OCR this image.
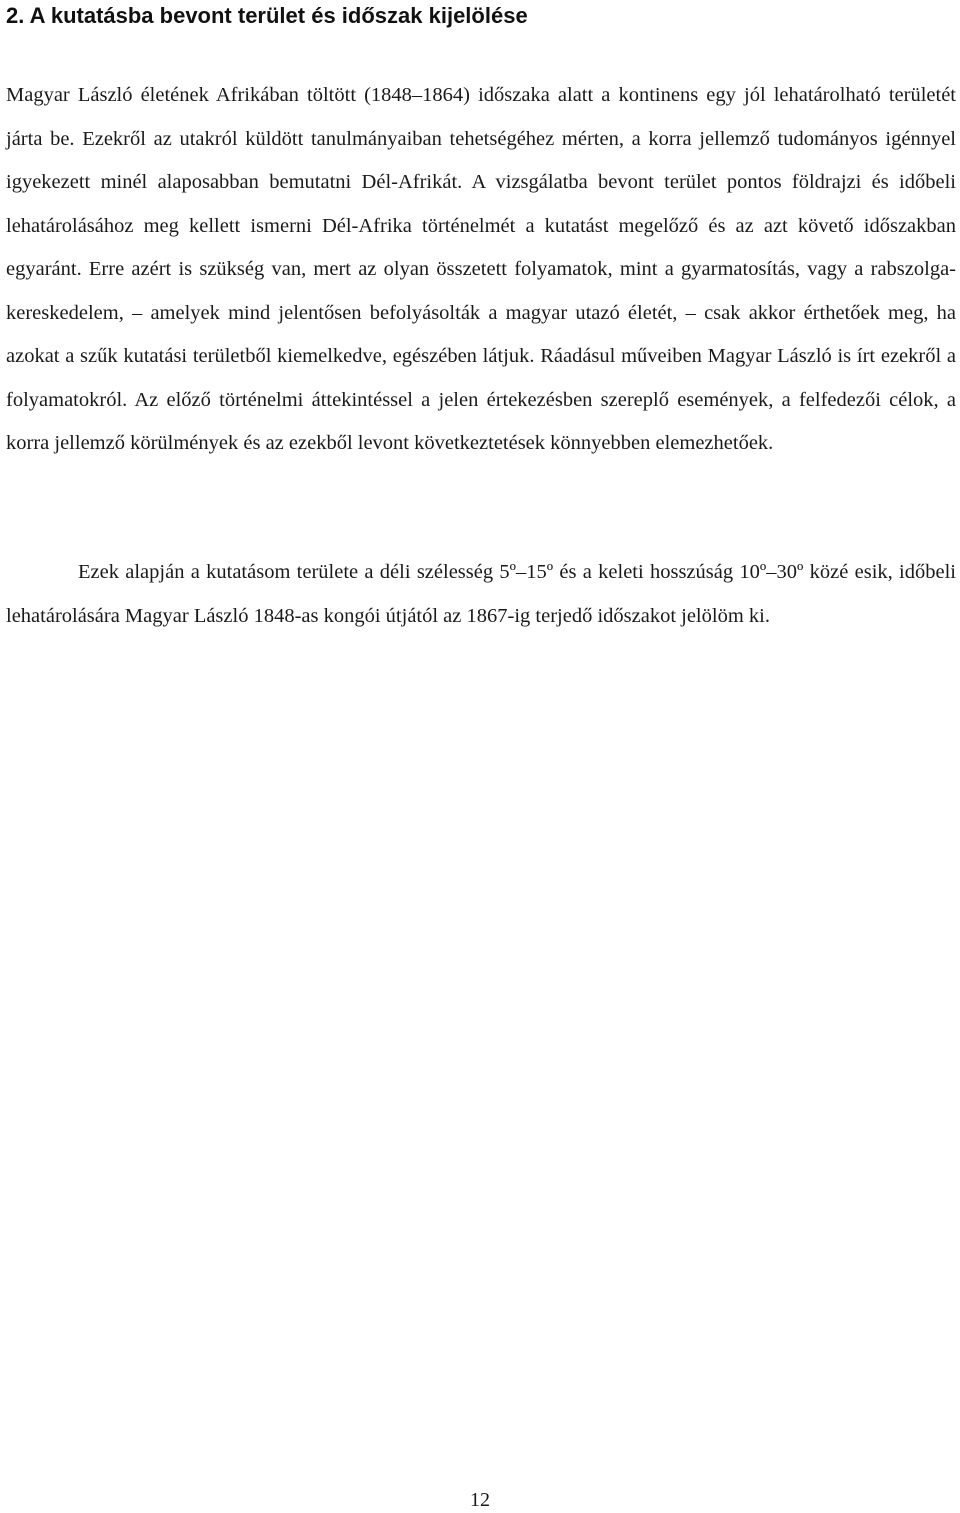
2. A kutatásba bevont terület és időszak kijelölése

Magyar László életének Afrikában töltött (1848–1864) időszaka alatt a kontinens egy jól lehatárolható területét járta be. Ezekről az utakról küldött tanulmányaiban tehetségéhez mérten, a korra jellemző tudományos igénnyel igyekezett minél alaposabban bemutatni Dél-Afrikát. A vizsgálatba bevont terület pontos földrajzi és időbeli lehatárolásához meg kellett ismerni Dél-Afrika történelmét a kutatást megelőző és az azt követő időszakban egyaránt. Erre azért is szükség van, mert az olyan összetett folyamatok, mint a gyarmatosítás, vagy a rabszolga-kereskedelem, – amelyek mind jelentősen befolyásolták a magyar utazó életét, – csak akkor érthetőek meg, ha azokat a szűk kutatási területből kiemelkedve, egészében látjuk. Ráadásul műveiben Magyar László is írt ezekről a folyamatokról. Az előző történelmi áttekintéssel a jelen értekezésben szereplő események, a felfedezői célok, a korra jellemző körülmények és az ezekből levont következtetések könnyebben elemezhetőek.

Ezek alapján a kutatásom területe a déli szélesség 5º–15º és a keleti hosszúság 10º–30º közé esik, időbeli lehatárolására Magyar László 1848-as kongói útjától az 1867-ig terjedő időszakot jelölöm ki.

12
